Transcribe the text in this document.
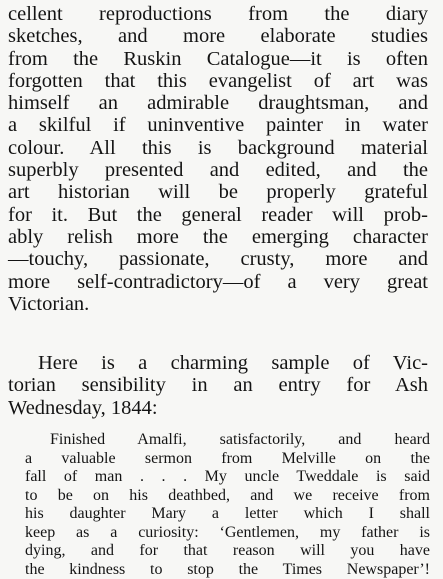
cellent reproductions from the diary
sketches, and more elaborate studies
from the Ruskin Catalogue—it is often
forgotten that this evangelist of art was
himself an admirable draughtsman, and
a skilful if uninventive painter in water
colour. All this is background material
superbly presented and edited, and the
art historian will be properly grateful
for it. But the general reader will prob-
ably relish more the emerging character
—touchy, passionate, crusty, more and
more self-contradictory—of a very great
Victorian.

Here is a charming sample of Vic-
torian sensibility in an entry for Ash
Wednesday, 1844:

Finished Amalfi, satisfactorily, and heard
a valuable sermon from Melville on the
fall of man . . . My uncle Tweddale is said
to be on his deathbed, and we receive from
his daughter Mary a letter which I shall
keep as a curiosity: ‘Gentlemen, my father is
dying, and for that reason will you have
the kindness to stop the Times Newspaper’!
